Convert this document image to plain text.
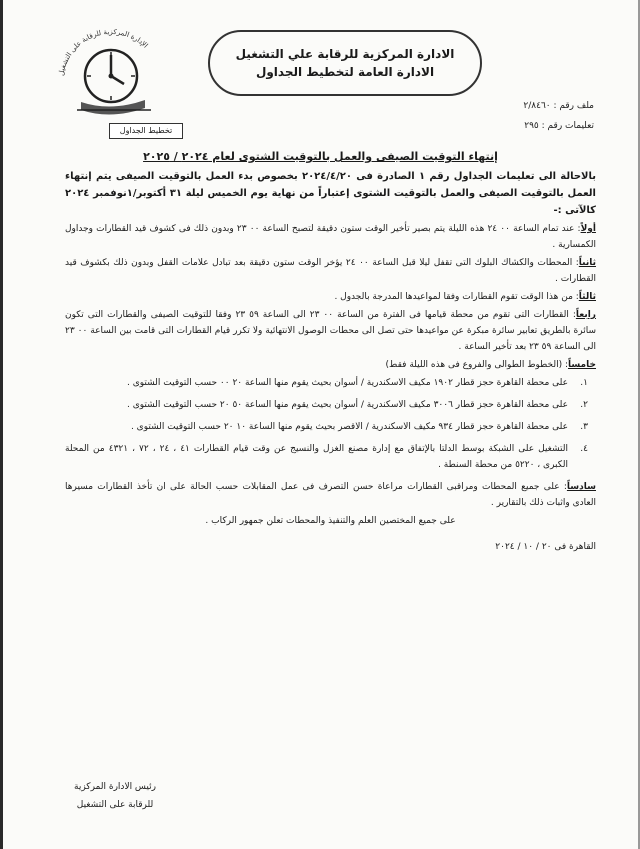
الإدارة المركزية للرقابة على التشغيل
تخطيط الجداول
الادارة المركزية للرقابة علي التشغيل
الادارة العامة لتخطيط الجداول
ملف رقم : ٢/٨٤٦٠
تعليمات رقم : ٢٩٥
إنتهاء التوقيت الصيفى والعمل بالتوقيت الشتوى لعام ٢٠٢٤ / ٢٠٢٥
بالاحالة الى تعليمات الجداول رقم ١ الصادرة فى ٢٠٢٤/٤/٢٠ بخصوص بدء العمل بالتوقيت الصيفى يتم إنتهاء العمل بالتوقيت الصيفى والعمل بالتوقيت الشتوى إعتباراً من نهاية يوم الخميس ليلة ٣١ أكتوبر/١نوفمبر ٢٠٢٤ كالآتى :-
أولاً: عند تمام الساعة ٠٠ ٢٤ هذه الليلة يتم بصير تأخير الوقت ستون دقيقة لتصبح الساعة ٠٠ ٢٣ وبدون ذلك فى كشوف قيد القطارات وجداول الكمسارية .
ثانياً: المحطات والكشاك البلوك التى تقفل ليلا قبل الساعة ٠٠ ٢٤ يؤخر الوقت ستون دقيقة بعد تبادل علامات القفل وبدون ذلك بكشوف قيد القطارات .
ثالثاً: من هذا الوقت تقوم القطارات وفقا لمواعيدها المدرجة بالجدول .
رابعاً: القطارات التى تقوم من محطة قيامها فى الفترة من الساعة ٠٠ ٢٣ الى الساعة ٥٩ ٢٣ وفقا للتوقيت الصيفى والقطارات التى تكون سائرة بالطريق تعابير سائرة مبكرة عن مواعيدها حتى تصل الى محطات الوصول الانتهائية ولا تكرر قيام القطارات التى قامت بين الساعة ٠٠ ٢٣ الى الساعة ٥٩ ٢٣ بعد تأخير الساعة .
خامساً: (الخطوط الطوالى والفروع فى هذه الليلة فقط)
١.
على محطة القاهرة حجز قطار ١٩٠٢ مكيف الاسكندرية / أسوان بحيث يقوم منها الساعة ٢٠ ٠٠ حسب التوقيت الشتوى .
٢.
على محطة القاهرة حجز قطار ٣٠٠٦ مكيف الاسكندرية / أسوان بحيث يقوم منها الساعة ٥٠ ٢٠ حسب التوقيت الشتوى .
٣.
على محطة القاهرة حجز قطار ٩٣٤ مكيف الاسكندرية / الاقصر بحيث يقوم منها الساعة ١٠ ٢٠ حسب التوقيت الشتوى .
٤.
التشغيل على الشبكة بوسط الدلتا بالإتفاق مع إدارة مصنع الغزل والنسيج عن وقت قيام القطارات ٤١ ، ٢٤ ، ٧٢ ، ٤٣٢١ من المحلة الكبرى ، ٥٢٢٠ من محطة السنطة .
سادساً: على جميع المحطات ومراقبى القطارات مراعاة حسن التصرف فى عمل المقابلات حسب الحالة على ان تأخذ القطارات مسيرها العادى واثبات ذلك بالتقارير .
على جميع المختصين العلم والتنفيذ والمحطات تعلن جمهور الركاب .
القاهرة فى ٢٠ / ١٠ / ٢٠٢٤
رئيس الادارة المركزية
للرقابة على التشغيل
